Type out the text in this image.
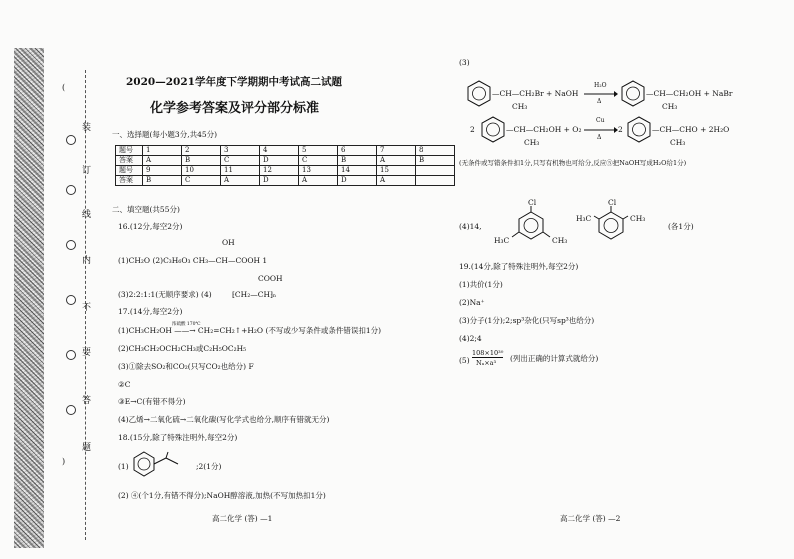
(
装
订
线
内
不
要
答
题
)
2020—2021学年度下学期期中考试高二试题
化学参考答案及评分部分标准
一、选择题(每小题3分,共45分)
题号	1	2	3	4	5	6	7	8
答案	A	B	C	D	C	B	A	B
题号	9	10	11	12	13	14	15	
答案	B	C	A	D	A	D	A	
二、填空题(共55分)
16.(12分,每空2分)
OH
(1)CH₂O (2)C₃H₆O₃ CH₃—CH—COOH 1
COOH
(3)2:2:1:1(无顺序要求) (4)	⁅CH₂—CH⁆ₙ
17.(14分,每空2分)
浓硫酸 170℃
(1)CH₃CH₂OH ——→ CH₂=CH₂↑+H₂O (不写或少写条件或条件错误扣1分)
(2)CH₃CH₂OCH₂CH₃或C₂H₅OC₂H₅
(3)①除去SO₂和CO₂(只写CO₂也给分) F
②C
③E→C(有错不得分)
(4)乙烯→二氧化硫→二氧化碳(写化学式也给分,顺序有错就无分)
18.(15分,除了特殊注明外,每空2分)
(1)	;2(1分)
(2) ④(个1分,有错不得分);NaOH醇溶液,加热(不写加热扣1分)
高二化学 (答) —1
(3)
—CH—CH₂Br
CH₃
+ NaOH
H₂O
Δ
—CH—CH₂OH + NaBr
CH₃
2	—CH—CH₂OH + O₂
CH₃
Cu
Δ
2	—CH—CHO + 2H₂O
CH₃
(无条件或写错条件扣1分,只写有机物也可给分,反应⑤把NaOH写成H₂O给1分)
(4)14,
Cl
H₃C	CH₃
Cl
H₃C	CH₃
(各1分)
19.(14分,除了特殊注明外,每空2分)
(1)共价(1分)
(2)Na⁺
(3)分子(1分);2;sp³杂化(只写sp³也给分)
(4)2;4
(5)
108×10³⁰
Nₐ×a³ (列出正确的计算式就给分)
高二化学 (答) —2
